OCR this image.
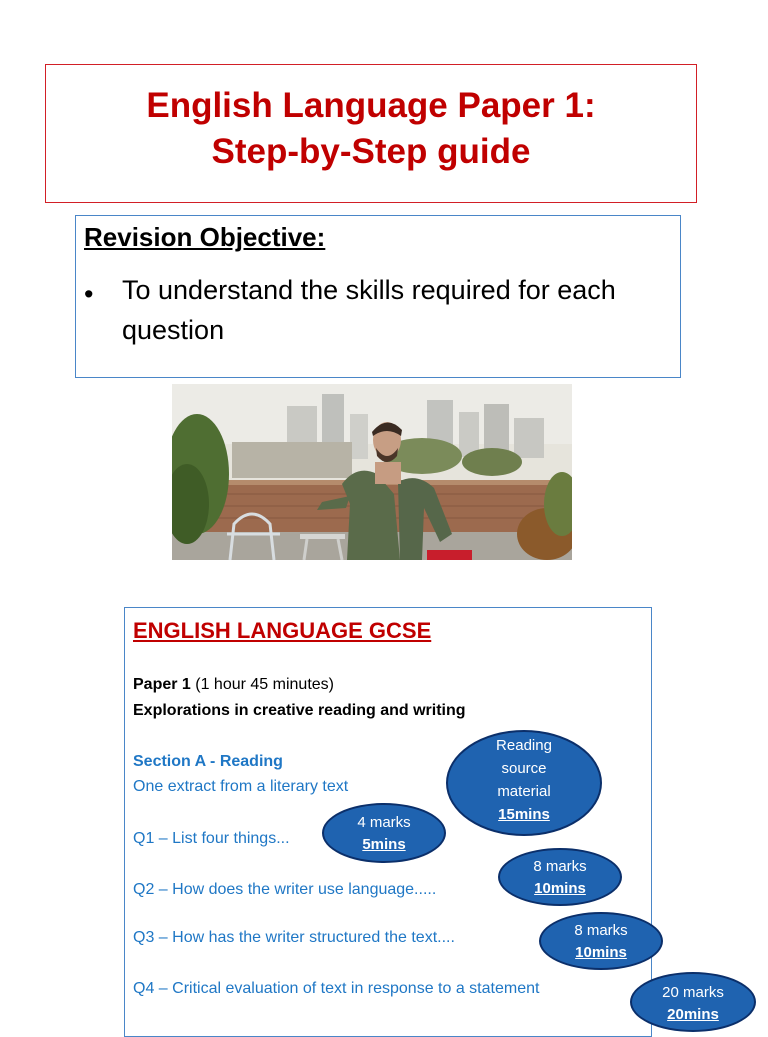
English Language Paper 1:
Step-by-Step guide
Revision Objective:
• To understand the skills required for each question
ENGLISH LANGUAGE GCSE
Paper 1 (1 hour 45 minutes)
Explorations in creative reading and writing
Section A - Reading
One extract from a literary text
Q1 – List four things...
Q2 – How does the writer use language.....
Q3 – How has the writer structured the text....
Q4 – Critical evaluation of text in response to a statement
Reading
source
material
15mins
4 marks
5mins
8 marks
10mins
8 marks
10mins
20 marks
20mins
